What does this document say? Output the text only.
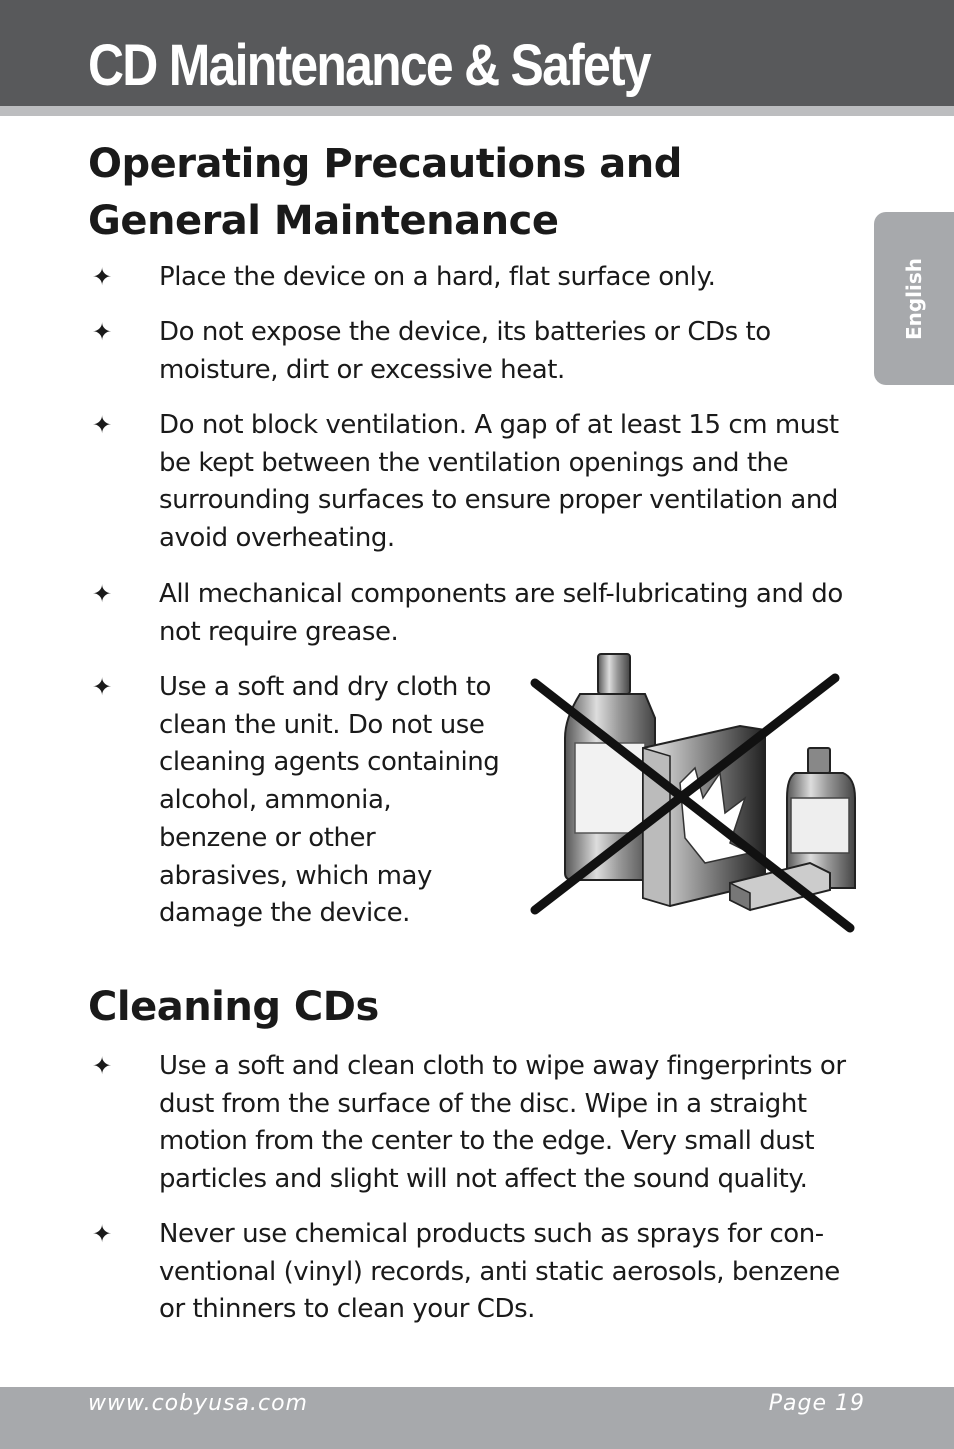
CD Maintenance & Safety
English
Operating Precautions and General Maintenance
✦ Place the device on a hard, flat surface only.

✦ Do not expose the device, its batteries or CDs to moisture, dirt or excessive heat.

✦ Do not block ventilation. A gap of at least 15 cm must be kept between the ventilation openings and the surrounding surfaces to ensure proper ventilation and avoid overheating.

✦ All mechanical components are self-lubricating and do not require grease.

✦ Use a soft and dry cloth to clean the unit. Do not use cleaning agents containing alcohol, ammonia, benzene or other abrasives, which may damage the device.

Cleaning CDs
✦ Use a soft and clean cloth to wipe away fingerprints or dust from the surface of the disc. Wipe in a straight motion from the center to the edge. Very small dust particles and slight will not affect the sound quality.

✦ Never use chemical products such as sprays for con-ventional (vinyl) records, anti static aerosols, benzene or thinners to clean your CDs.

www.cobyusa.com	Page 19
